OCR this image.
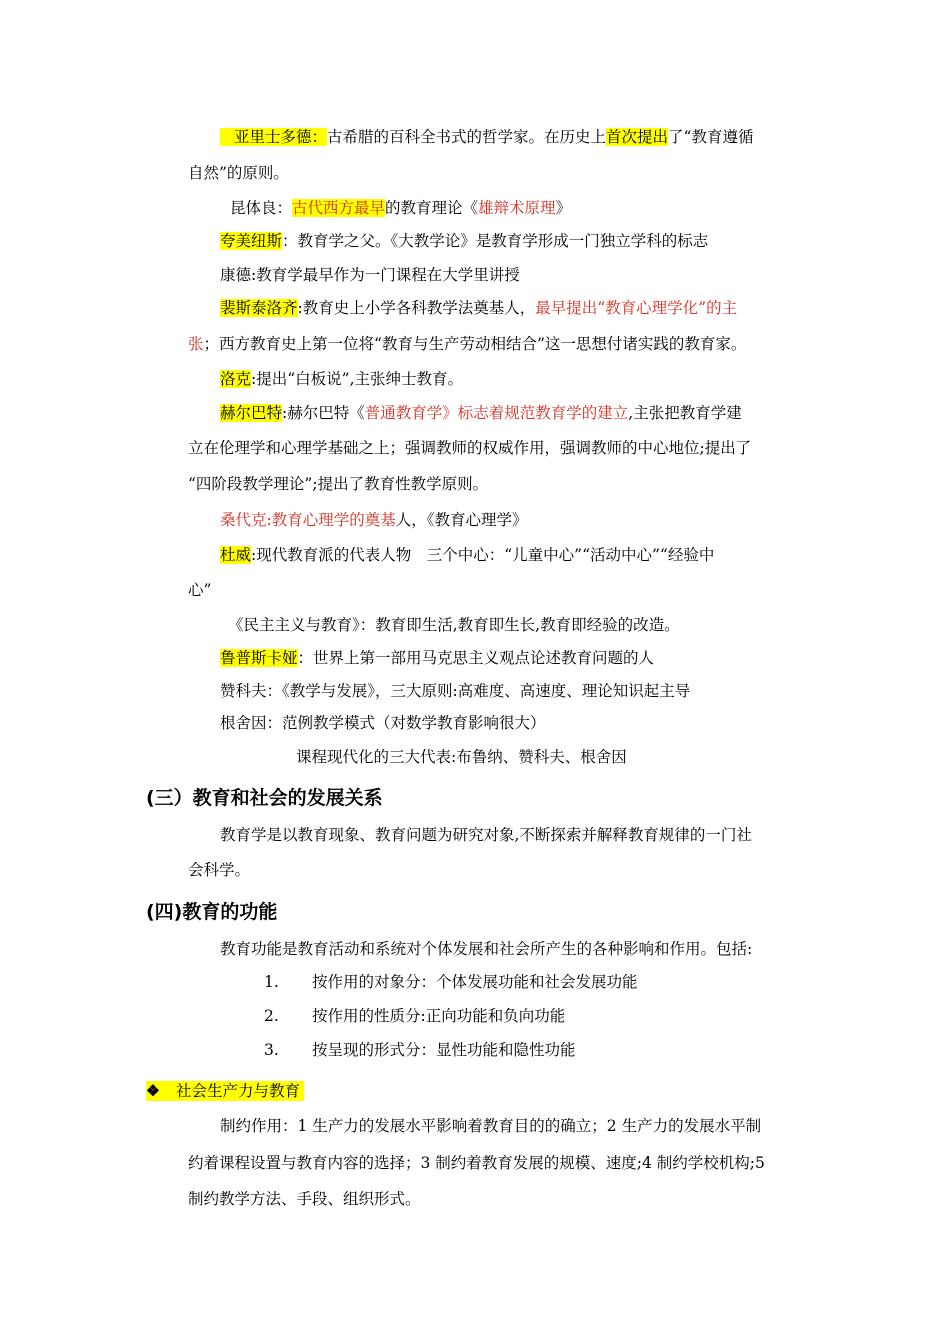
亚里士多德：古希腊的百科全书式的哲学家。在历史上首次提出了“教育遵循
自然”的原则。
昆体良：古代西方最早的教育理论《雄辩术原理》
夸美纽斯：教育学之父。《大教学论》是教育学形成一门独立学科的标志
康德:教育学最早作为一门课程在大学里讲授
裴斯泰洛齐:教育史上小学各科教学法奠基人，最早提出“教育心理学化”的主
张；西方教育史上第一位将“教育与生产劳动相结合”这一思想付诸实践的教育家。
洛克:提出“白板说”,主张绅士教育。
赫尔巴特:赫尔巴特《普通教育学》标志着规范教育学的建立,主张把教育学建
立在伦理学和心理学基础之上；强调教师的权威作用，强调教师的中心地位;提出了
“四阶段教学理论”;提出了教育性教学原则。
桑代克:教育心理学的奠基人，《教育心理学》
杜威:现代教育派的代表人物　三个中心：“儿童中心”“活动中心”“经验中
心”
《民主主义与教育》：教育即生活,教育即生长,教育即经验的改造。
鲁普斯卡娅：世界上第一部用马克思主义观点论述教育问题的人
赞科夫：《教学与发展》，三大原则:高难度、高速度、理论知识起主导
根舍因：范例教学模式（对数学教育影响很大）
课程现代化的三大代表:布鲁纳、赞科夫、根舍因
(三）教育和社会的发展关系
教育学是以教育现象、教育问题为研究对象,不断探索并解释教育规律的一门社
会科学。
(四)教育的功能
教育功能是教育活动和系统对个体发展和社会所产生的各种影响和作用。包括:
1. 按作用的对象分：个体发展功能和社会发展功能
2. 按作用的性质分:正向功能和负向功能
3. 按呈现的形式分：显性功能和隐性功能
❖ 社会生产力与教育
制约作用：1 生产力的发展水平影响着教育目的的确立；2 生产力的发展水平制
约着课程设置与教育内容的选择；3 制约着教育发展的规模、速度;4 制约学校机构;5
制约教学方法、手段、组织形式。
